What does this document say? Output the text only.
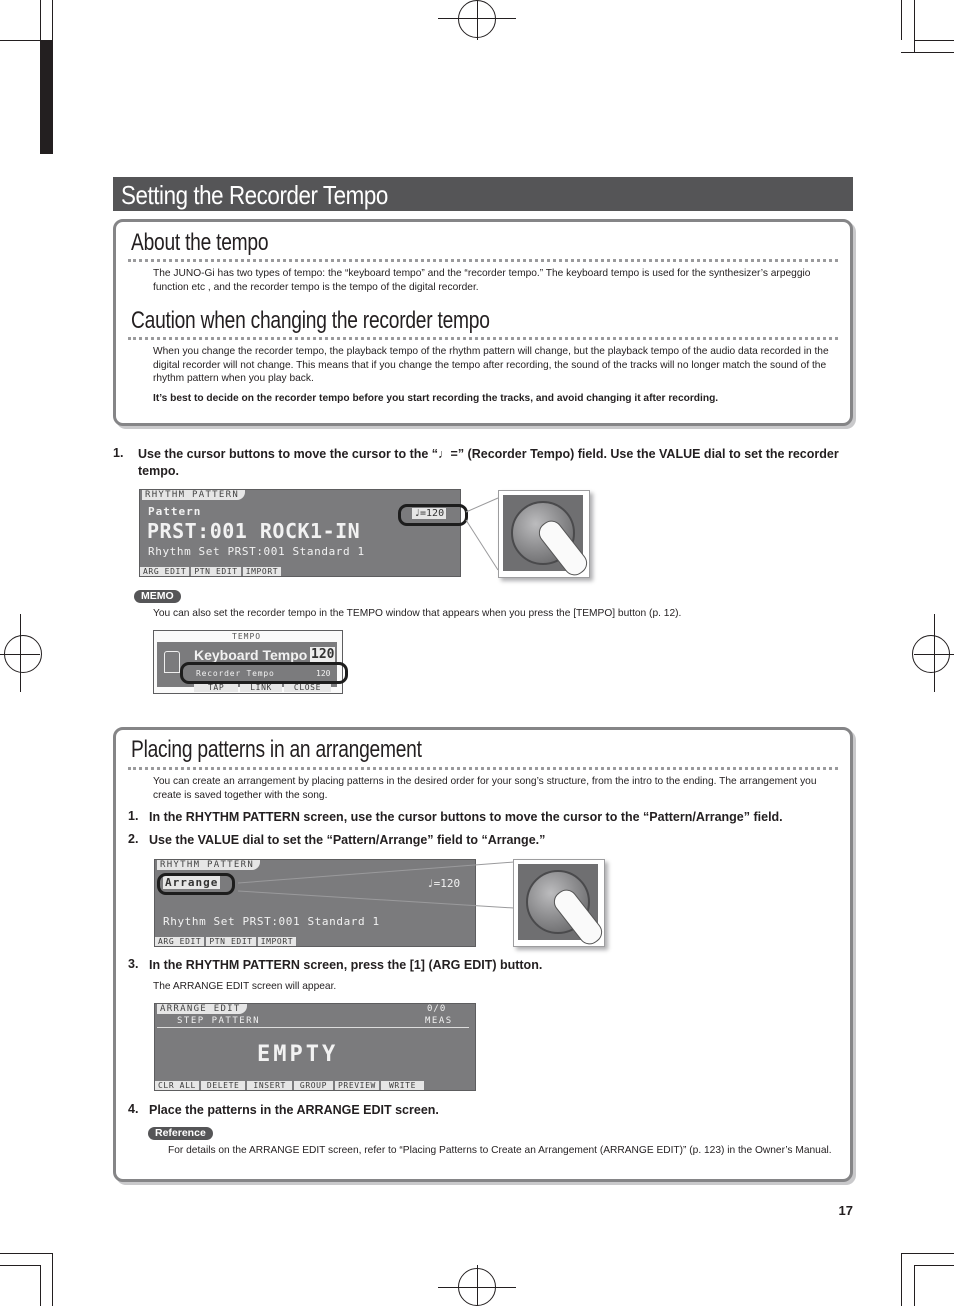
Setting the Recorder Tempo
About the tempo
The JUNO-Gi has two types of tempo: the “keyboard tempo” and the “recorder tempo.” The keyboard tempo is used for the synthesizer’s arpeggio function etc , and the recorder tempo is the tempo of the digital recorder.
Caution when changing the recorder tempo
When you change the recorder tempo, the playback tempo of the rhythm pattern will change, but the playback tempo of the audio data recorded in the digital recorder will not change. This means that if you change the tempo after recording, the sound of the tracks will no longer match the sound of the rhythm pattern when you play back.
It’s best to decide on the recorder tempo before you start recording the tracks, and avoid changing it after recording.
1. Use the cursor buttons to move the cursor to the “♩=” (Recorder Tempo) field. Use the VALUE dial to set the recorder tempo.
RHYTHM PATTERN
Pattern
PRST:001 ROCK1-IN
♩=120
Rhythm Set PRST:001 Standard 1
ARG EDIT	PTN EDIT	IMPORT
MEMO
You can also set the recorder tempo in the TEMPO window that appears when you press the [TEMPO] button (p. 12).
TEMPO
Keyboard Tempo 120
Recorder Tempo	120
TAP	LINK	CLOSE
Placing patterns in an arrangement
You can create an arrangement by placing patterns in the desired order for your song’s structure, from the intro to the ending. The arrangement you create is saved together with the song.
1. In the RHYTHM PATTERN screen, use the cursor buttons to move the cursor to the “Pattern/Arrange” field.
2. Use the VALUE dial to set the “Pattern/Arrange” field to “Arrange.”
RHYTHM PATTERN
Arrange	♩=120
Rhythm Set PRST:001 Standard 1
ARG EDIT	PTN EDIT	IMPORT
3. In the RHYTHM PATTERN screen, press the [1] (ARG EDIT) button.
The ARRANGE EDIT screen will appear.
ARRANGE EDIT	0/0
STEP PATTERN	MEAS
EMPTY
CLR ALL	DELETE	INSERT	GROUP	PREVIEW	WRITE
4. Place the patterns in the ARRANGE EDIT screen.
Reference
For details on the ARRANGE EDIT screen, refer to “Placing Patterns to Create an Arrangement (ARRANGE EDIT)” (p. 123) in the Owner’s Manual.
17
